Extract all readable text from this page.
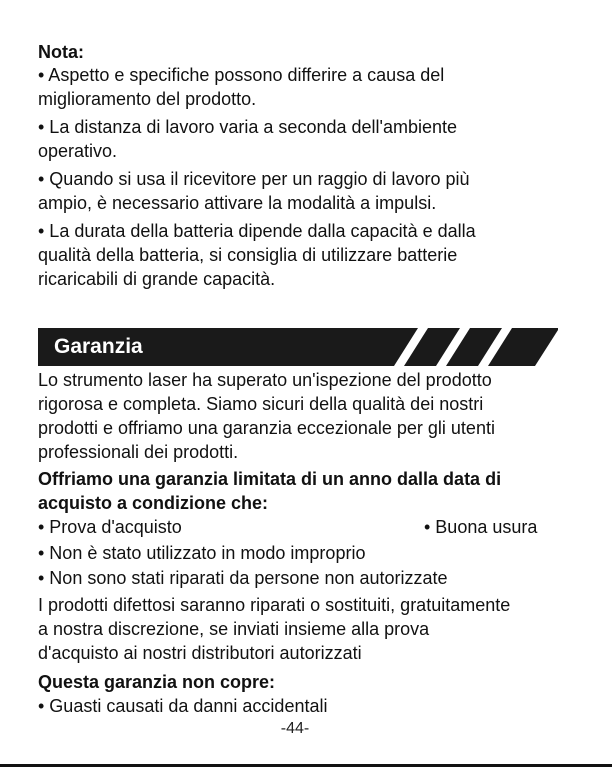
Nota:

• Aspetto e specifiche possono differire a causa del

miglioramento del prodotto.

• La distanza di lavoro varia a seconda dell'ambiente

operativo.

• Quando si usa il ricevitore per un raggio di lavoro più

ampio, è necessario attivare la modalità a impulsi.

• La durata della batteria dipende dalla capacità e dalla

qualità della batteria, si consiglia di utilizzare batterie

ricaricabili di grande capacità.

Garanzia

Lo strumento laser ha superato un'ispezione del prodotto

rigorosa e completa. Siamo sicuri della qualità dei nostri

prodotti e offriamo una garanzia eccezionale per gli utenti

professionali dei prodotti.

Offriamo una garanzia limitata di un anno dalla data di

acquisto a condizione che:

• Prova d'acquisto	• Buona usura

• Non è stato utilizzato in modo improprio

• Non sono stati riparati da persone non autorizzate

I prodotti difettosi saranno riparati o sostituiti, gratuitamente

a nostra discrezione, se inviati insieme alla prova

d'acquisto ai nostri distributori autorizzati

Questa garanzia non copre:

• Guasti causati da danni accidentali

-44-
